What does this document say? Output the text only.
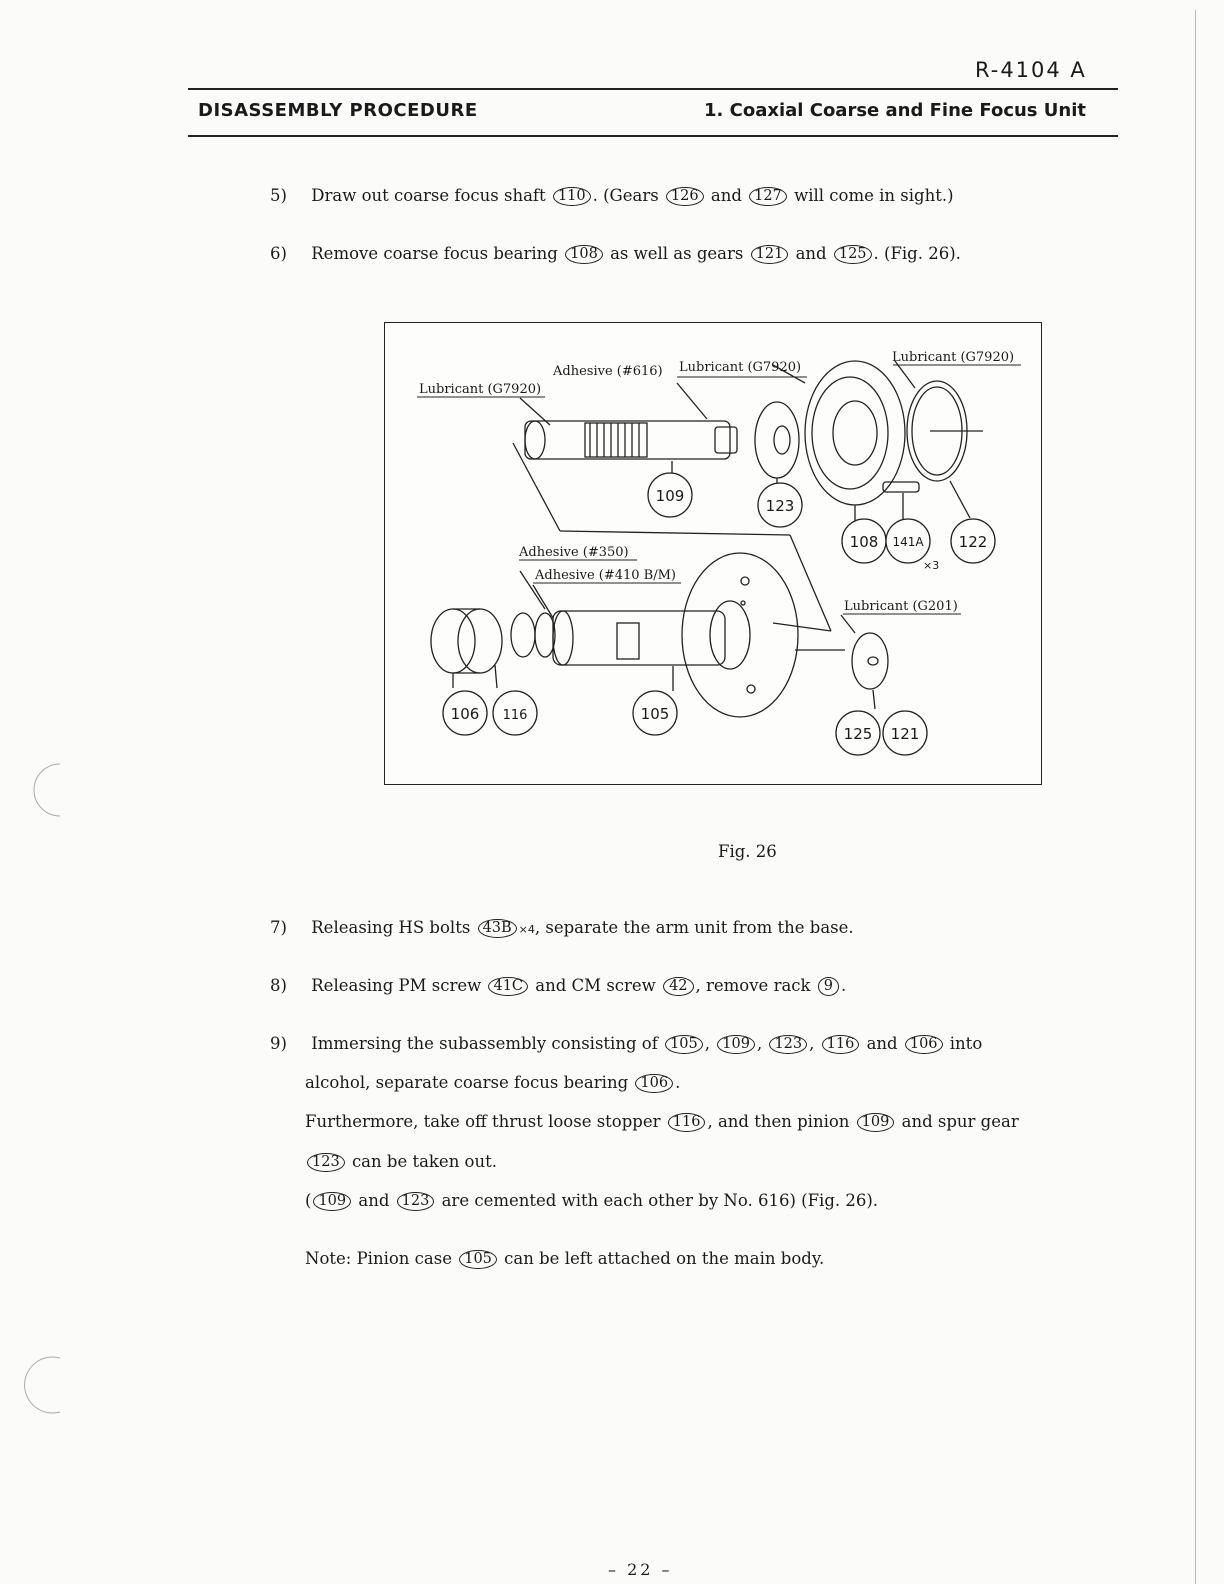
R-4104 A
DISASSEMBLY PROCEDURE	1. Coaxial Coarse and Fine Focus Unit
5) Draw out coarse focus shaft 110 . (Gears 126 and 127 will come in sight.)
6) Remove coarse focus bearing 108 as well as gears 121 and 125 . (Fig. 26).
Lubricant (G7920)
Adhesive (#616) Lubricant (G7920)
Lubricant (G7920)
Adhesive (#350)
Adhesive (#410 B/M)
Lubricant (G201)
×3
109
123
108 141A 122
106 116	105
125 121
Fig. 26
7) Releasing HS bolts 43B ×4, separate the arm unit from the base.
8) Releasing PM screw 41C and CM screw 42 , remove rack 9 .
9) Immersing the subassembly consisting of 105 , 109 , 123 , 116 and 106 into
alcohol, separate coarse focus bearing 106 .
Furthermore, take off thrust loose stopper 116 , and then pinion 109 and spur gear
123 can be taken out.
( 109 and 123 are cemented with each other by No. 616) (Fig. 26).
Note: Pinion case 105 can be left attached on the main body.
– 22 –
